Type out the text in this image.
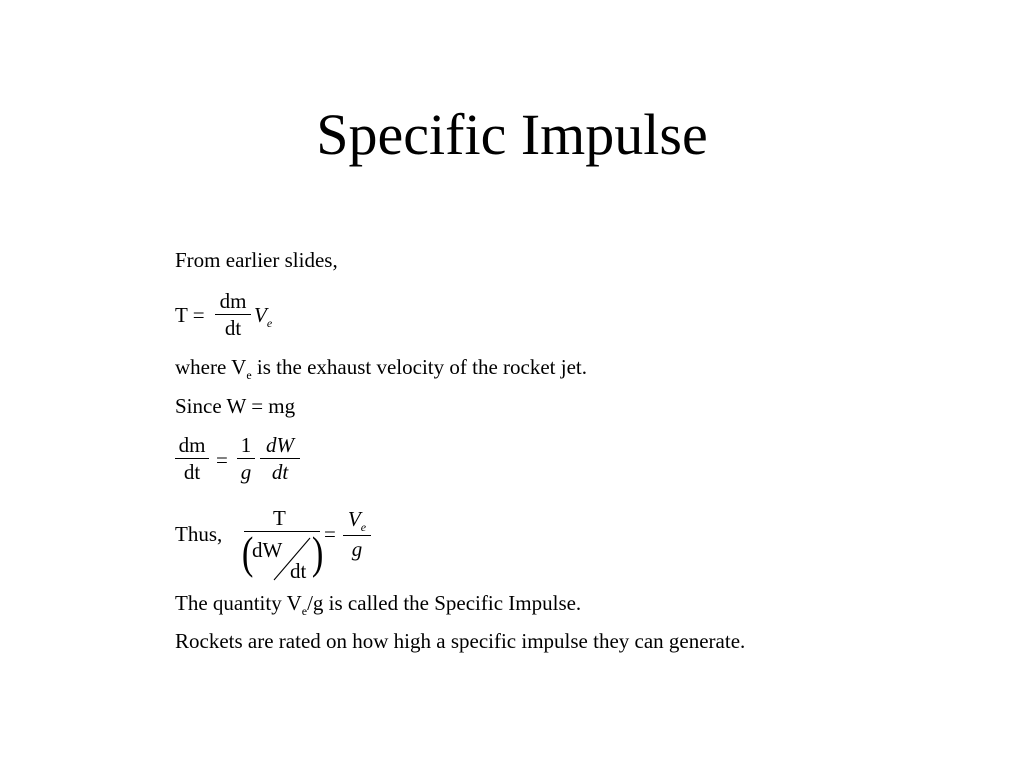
Specific Impulse
From earlier slides,
T =
dm
dt
$V_e$
where $V_e$ is the exhaust velocity of the rocket jet.
Since W = mg
dm
dt =
1
g
dW
dt
Thus,
T
(
dW
dt ) =
$V_e$
g
The quantity $V_e/g$ is called the Specific Impulse.
Rockets are rated on how high a specific impulse they can generate.
